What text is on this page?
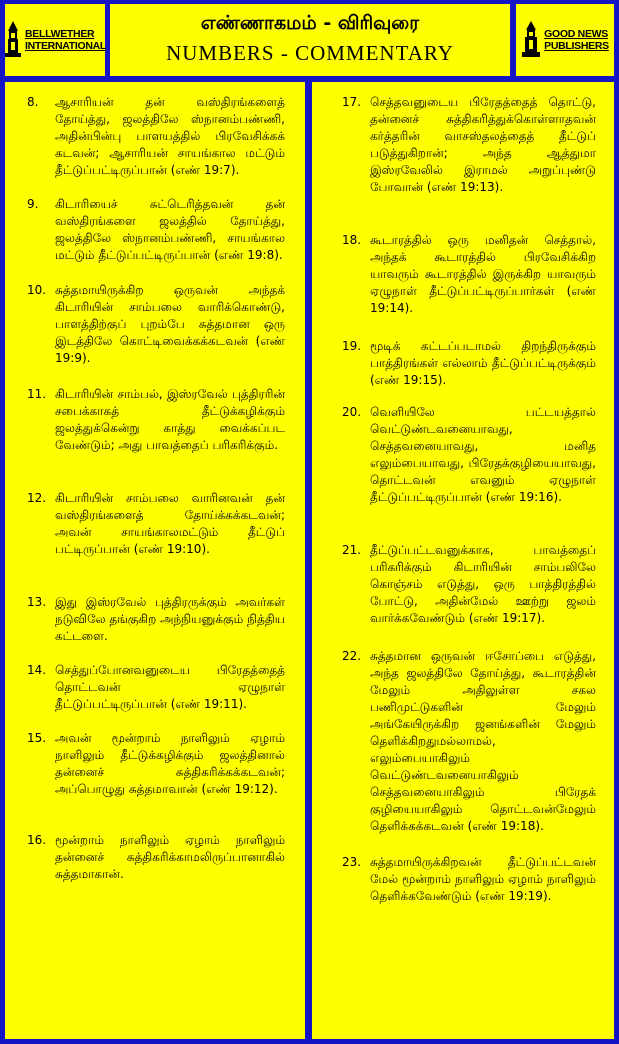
BELLWETHER
INTERNATIONAL
எண்ணாகமம் - விரிவுரை
NUMBERS - COMMENTARY
GOOD NEWS
PUBLISHERS
8. ஆசாரியன் தன் வஸ்திரங்களைத் தோய்த்து, ஜலத்திலே ஸ்நானம்பண்ணி, அதின்பின்பு பாளயத்தில் பிரவேசிக்கக் கடவன்; ஆசாரியன் சாயங்கால மட்டும் தீட்டுப்பட்டிருப்பான் (எண் 19:7).
9. கிடாரியைச் சுட்டெரித்தவன் தன் வஸ்திரங்களை ஜலத்தில் தோய்த்து, ஜலத்திலே ஸ்நானம்பண்ணி, சாயங்கால மட்டும் தீட்டுப்பட்டிருப்பான் (எண் 19:8).
10. சுத்தமாயிருக்கிற ஒருவன் அந்தக் கிடாரியின் சாம்பலை வாரிக்கொண்டு, பாளத்திற்குப் புறம்பே சுத்தமான ஒரு இடத்திலே கொட்டிவைக்கக்கடவன் (எண் 19:9).
11. கிடாரியின் சாம்பல், இஸ்ரவேல் புத்திரரின் சபைக்காகத் தீட்டுக்கழிக்கும் ஜலத்துக்கென்று காத்து வைக்கப்பட வேண்டும்; அது பாவத்தைப் பரிகரிக்கும்.
12. கிடாரியின் சாம்பலை வாரினவன் தன் வஸ்திரங்களைத் தோய்க்கக்கடவன்; அவன் சாயங்காலமட்டும் தீட்டுப் பட்டிருப்பான் (எண் 19:10).
13. இது இஸ்ரவேல் புத்திரருக்கும் அவர்கள் நடுவிலே தங்குகிற அந்நியனுக்கும் நித்திய கட்டளை.
14. செத்துப்போனவனுடைய பிரேதத்தைத் தொட்டவன் ஏழுநாள் தீட்டுப்பட்டிருப்பான் (எண் 19:11).
15. அவன் மூன்றாம் நாளிலும் ஏழாம் நாளிலும் தீட்டுக்கழிக்கும் ஜலத்தினால் தன்னைச் சுத்திகரிக்கக்கடவன்; அப்பொழுது சுத்தமாவான் (எண் 19:12).
16. மூன்றாம் நாளிலும் ஏழாம் நாளிலும் தன்னைச் சுத்திகரிக்காமலிருப்பானாகில் சுத்தமாகான்.
17. செத்தவனுடைய பிரேதத்தைத் தொட்டு, தன்னைச் சுத்திகரித்துக்கொள்ளாதவன் கர்த்தரின் வாசஸ்தலத்தைத் தீட்டுப் படுத்துகிறான்; அந்த ஆத்துமா இஸ்ரவேலில் இராமல் அறுப்புண்டு போவான் (எண் 19:13).
18. கூடாரத்தில் ஒரு மனிதன் செத்தால், அந்தக் கூடாரத்தில் பிரவேசிக்கிற யாவரும் கூடாரத்தில் இருக்கிற யாவரும் ஏழுநாள் தீட்டுப்பட்டிருப்பார்கள் (எண் 19:14).
19. மூடிக் கட்டப்படாமல் திறந்திருக்கும் பாத்திரங்கள் எல்லாம் தீட்டுப்பட்டிருக்கும் (எண் 19:15).
20. வெளியிலே பட்டயத்தால் வெட்டுண்டவனையாவது, செத்தவனையாவது, மனித எலும்பையாவது, பிரேதக்குழியையாவது, தொட்டவன் எவனும் ஏழுநாள் தீட்டுப்பட்டிருப்பான் (எண் 19:16).
21. தீட்டுப்பட்டவனுக்காக, பாவத்தைப் பரிகரிக்கும் கிடாரியின் சாம்பலிலே கொஞ்சம் எடுத்து, ஒரு பாத்திரத்தில் போட்டு, அதின்மேல் ஊற்று ஜலம் வார்க்கவேண்டும் (எண் 19:17).
22. சுத்தமான ஒருவன் ஈசோப்பை எடுத்து, அந்த ஜலத்திலே தோய்த்து, கூடாரத்தின் மேலும் அதிலுள்ள சகல பணிமுட்டுகளின் மேலும் அங்கேயிருக்கிற ஜனங்களின் மேலும் தெளிக்கிறதுமல்லாமல், எலும்பையாகிலும் வெட்டுண்டவனையாகிலும் செத்தவனையாகிலும் பிரேதக் குழியையாகிலும் தொட்டவன்மேலும் தெளிக்கக்கடவன் (எண் 19:18).
23. சுத்தமாயிருக்கிறவன் தீட்டுப்பட்டவன் மேல் மூன்றாம் நாளிலும் ஏழாம் நாளிலும் தெளிக்கவேண்டும் (எண் 19:19).
